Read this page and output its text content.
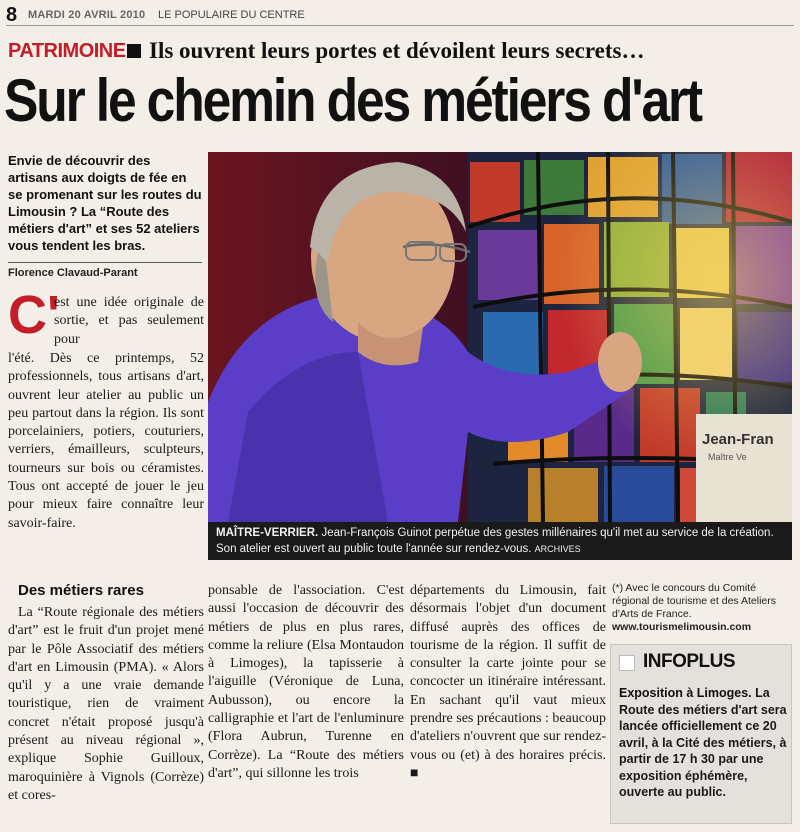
8 MARDI 20 AVRIL 2010 LE POPULAIRE DU CENTRE
PATRIMOINE Ils ouvrent leurs portes et dévoilent leurs secrets…
Sur le chemin des métiers d'art

Envie de découvrir des artisans aux doigts de fée en se promenant sur les routes du Limousin ? La “Route des métiers d'art” et ses 52 ateliers vous tendent les bras.

Florence Clavaud-Parant

C'

est une idée originale de sortie, et pas seulement pour

l'été. Dès ce printemps, 52 professionnels, tous artisans d'art, ouvrent leur atelier au public un peu partout dans la région. Ils sont porcelainiers, potiers, couturiers, verriers, émailleurs, sculpteurs, tourneurs sur bois ou céramistes. Tous ont accepté de jouer le jeu pour mieux faire connaître leur savoir-faire.

Des métiers rares

La “Route régionale des métiers d'art” est le fruit d'un projet mené par le Pôle Associatif des métiers d'art en Limousin (PMA). « Alors qu'il y a une vraie demande touristique, rien de vraiment concret n'était proposé jusqu'à présent au niveau régional », explique Sophie Guilloux, maroquinière à Vignols (Corrèze) et cores-

ponsable de l'association. C'est aussi l'occasion de découvrir des métiers de plus en plus rares, comme la reliure (Elsa Montaudon à Limoges), la tapisserie à l'aiguille (Véronique de Luna, Aubusson), ou encore la calligraphie et l'art de l'enluminure (Flora Aubrun, Turenne en Corrèze). La “Route des métiers d'art”, qui sillonne les trois

départements du Limousin, fait désormais l'objet d'un document diffusé auprès des offices de tourisme de la région. Il suffit de consulter la carte jointe pour se concocter un itinéraire intéressant. En sachant qu'il vaut mieux prendre ses précautions : beaucoup d'ateliers n'ouvrent que sur rendez-vous ou (et) à des horaires précis. ■

Jean-Fran
Maître Ve
MAÎTRE-VERRIER. Jean-François Guinot perpétue des gestes millénaires qu'il met au service de la création. Son atelier est ouvert au public toute l'année sur rendez-vous. ARCHIVES
(*) Avec le concours du Comité régional de tourisme et des Ateliers d'Arts de France.
www.tourismelimousin.com
INFOPLUS

Exposition à Limoges. La Route des métiers d'art sera lancée officiellement ce 20 avril, à la Cité des métiers, à partir de 17 h 30 par une exposition éphémère, ouverte au public.
